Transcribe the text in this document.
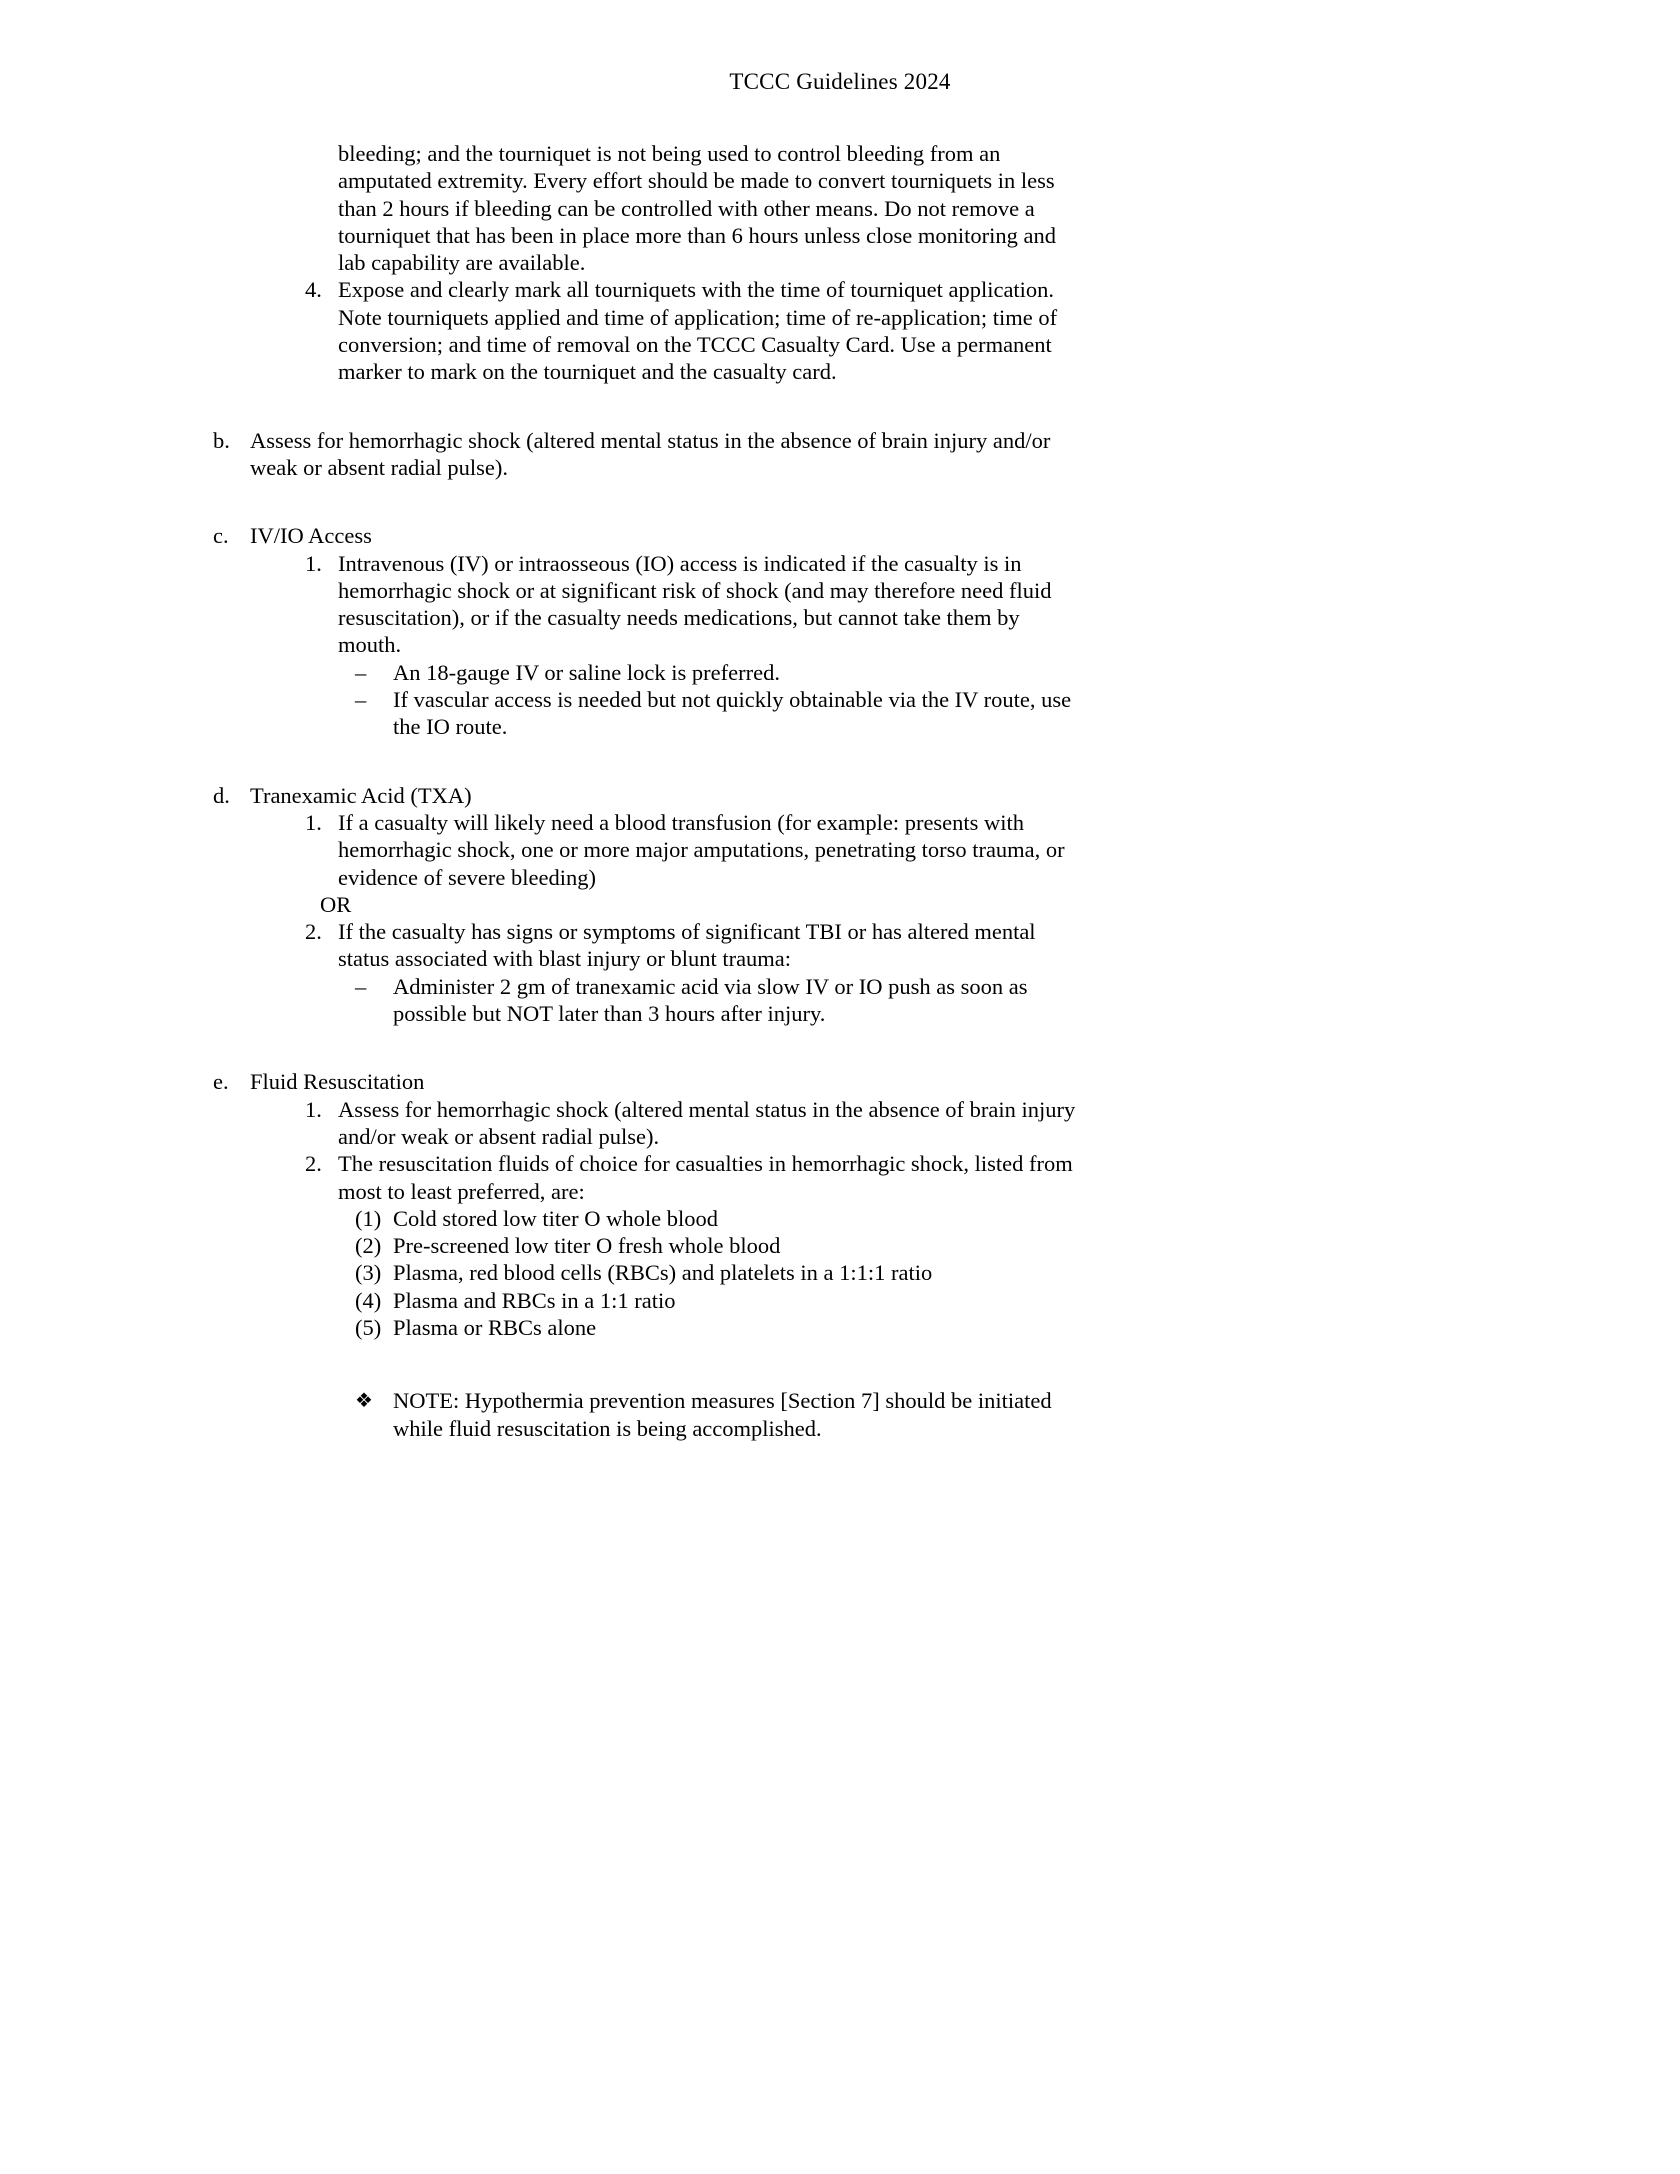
TCCC Guidelines 2024
bleeding; and the tourniquet is not being used to control bleeding from an amputated extremity. Every effort should be made to convert tourniquets in less than 2 hours if bleeding can be controlled with other means. Do not remove a tourniquet that has been in place more than 6 hours unless close monitoring and lab capability are available.
4. Expose and clearly mark all tourniquets with the time of tourniquet application. Note tourniquets applied and time of application; time of re-application; time of conversion; and time of removal on the TCCC Casualty Card. Use a permanent marker to mark on the tourniquet and the casualty card.
b. Assess for hemorrhagic shock (altered mental status in the absence of brain injury and/or weak or absent radial pulse).
c. IV/IO Access
1. Intravenous (IV) or intraosseous (IO) access is indicated if the casualty is in hemorrhagic shock or at significant risk of shock (and may therefore need fluid resuscitation), or if the casualty needs medications, but cannot take them by mouth.
–	An 18-gauge IV or saline lock is preferred.
–	If vascular access is needed but not quickly obtainable via the IV route, use the IO route.
d. Tranexamic Acid (TXA)
1. If a casualty will likely need a blood transfusion (for example: presents with hemorrhagic shock, one or more major amputations, penetrating torso trauma, or evidence of severe bleeding)
OR
2. If the casualty has signs or symptoms of significant TBI or has altered mental status associated with blast injury or blunt trauma:
–	Administer 2 gm of tranexamic acid via slow IV or IO push as soon as possible but NOT later than 3 hours after injury.
e. Fluid Resuscitation
1. Assess for hemorrhagic shock (altered mental status in the absence of brain injury and/or weak or absent radial pulse).
2. The resuscitation fluids of choice for casualties in hemorrhagic shock, listed from most to least preferred, are:
(1) Cold stored low titer O whole blood
(2) Pre-screened low titer O fresh whole blood
(3) Plasma, red blood cells (RBCs) and platelets in a 1:1:1 ratio
(4) Plasma and RBCs in a 1:1 ratio
(5) Plasma or RBCs alone
❖ NOTE: Hypothermia prevention measures [Section 7] should be initiated while fluid resuscitation is being accomplished.
